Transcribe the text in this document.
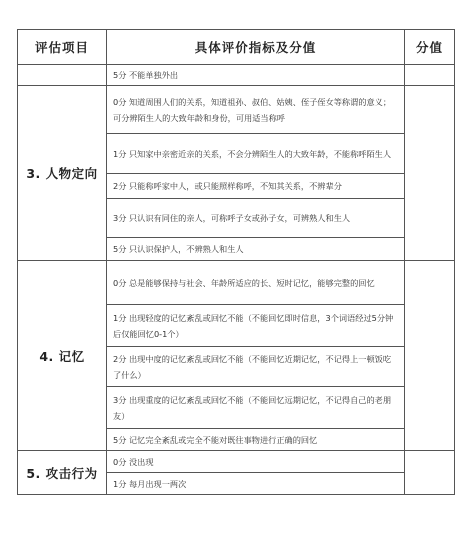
评估项目	具体评价指标及分值	分值
	5分 不能单独外出	
3. 人物定向	0分 知道周围人们的关系，知道祖孙、叔伯、姑姨、侄子侄女等称谓的意义；可分辨陌生人的大致年龄和身份，可用适当称呼	
	1分 只知家中亲密近亲的关系，不会分辨陌生人的大致年龄，不能称呼陌生人	
	2分 只能称呼家中人，或只能照样称呼，不知其关系，不辨辈分	
	3分 只认识有同住的亲人，可称呼子女或孙子女，可辨熟人和生人	
	5分 只认识保护人，不辨熟人和生人	
4. 记忆	0分 总是能够保持与社会、年龄所适应的长、短时记忆，能够完整的回忆	
	1分 出现轻度的记忆紊乱或回忆不能（不能回忆即时信息，3个词语经过5分钟后仅能回忆0-1个）	
	2分 出现中度的记忆紊乱或回忆不能（不能回忆近期记忆，不记得上一顿饭吃了什么）	
	3分 出现重度的记忆紊乱或回忆不能（不能回忆远期记忆，不记得自己的老朋友）	
	5分 记忆完全紊乱或完全不能对既往事物进行正确的回忆	
5. 攻击行为	0分 没出现	
	1分 每月出现一两次	
